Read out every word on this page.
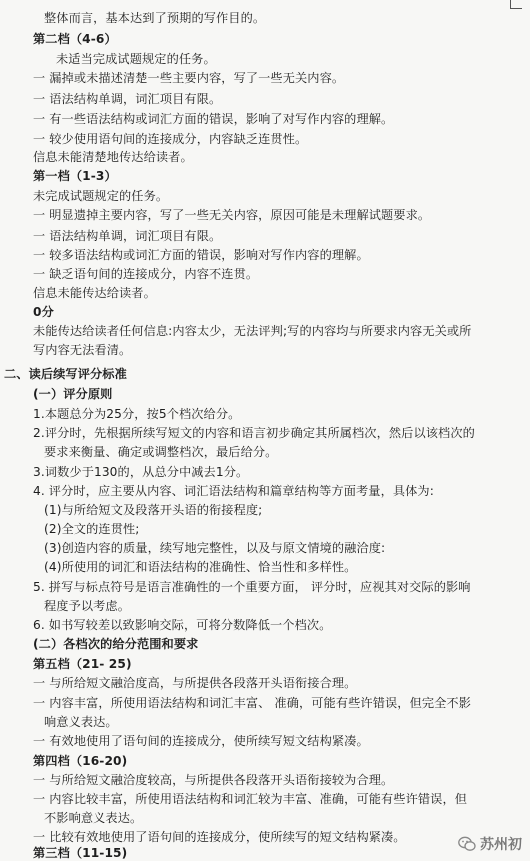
整体而言，基本达到了预期的写作目的。
第二档（4-6）
未适当完成试题规定的任务。
一 漏掉或未描述清楚一些主要内容，写了一些无关内容。
一 语法结构单调，词汇项目有限。
一 有一些语法结构或词汇方面的错误，影响了对写作内容的理解。
一 较少使用语句间的连接成分，内容缺乏连贯性。
信息未能清楚地传达给读者。
第一档（1-3）
未完成试题规定的任务。
一 明显遗掉主要内容，写了一些无关内容，原因可能是未理解试题要求。
一 语法结构单调，词汇项目有限。
一 较多语法结构或词汇方面的错误，影响对写作内容的理解。
一 缺乏语句间的连接成分，内容不连贯。
信息未能传达给读者。
0分
未能传达给读者任何信息:内容太少，无法评判;写的内容均与所要求内容无关或所
写内容无法看清。
二、读后续写评分标准
(一）评分原则
1.本题总分为25分，按5个档次给分。
2.评分时，先根据所续写短文的内容和语言初步确定其所属档次，然后以该档次的
要求来衡量、确定或调整档次，最后给分。
3.词数少于130的，从总分中减去1分。
4. 评分时，应主要从内容、词汇语法结构和篇章结构等方面考量，具体为:
(1)与所给短文及段落开头语的衔接程度;
(2)全文的连贯性;
(3)创造内容的质量，续写地完整性，以及与原文情境的融洽度:
(4)所使用的词汇和语法结构的准确性、恰当性和多样性。
5. 拼写与标点符号是语言准确性的一个重要方面， 评分时，应视其对交际的影响
程度予以考虑。
6. 如书写较差以致影响交际，可将分数降低一个档次。
(二）各档次的给分范围和要求
第五档（21- 25)
一 与所给短文融洽度高，与所提供各段落开头语衔接合理。
一 内容丰富，所使用语法结构和词汇丰富、 准确，可能有些许错误，但完全不影
响意义表达。
一 有效地使用了语句间的连接成分，使所续写短文结构紧凑。
第四档（16-20)
一 与所给短文融洽度较高，与所提供各段落开头语衔接较为合理。
一 内容比较丰富，所使用语法结构和词汇较为丰富、准确，可能有些许错误，但
不影响意义表达。
一 比较有效地使用了语句间的连接成分，使所续写的短文结构紧凑。
第三档（11-15)	苏州初
